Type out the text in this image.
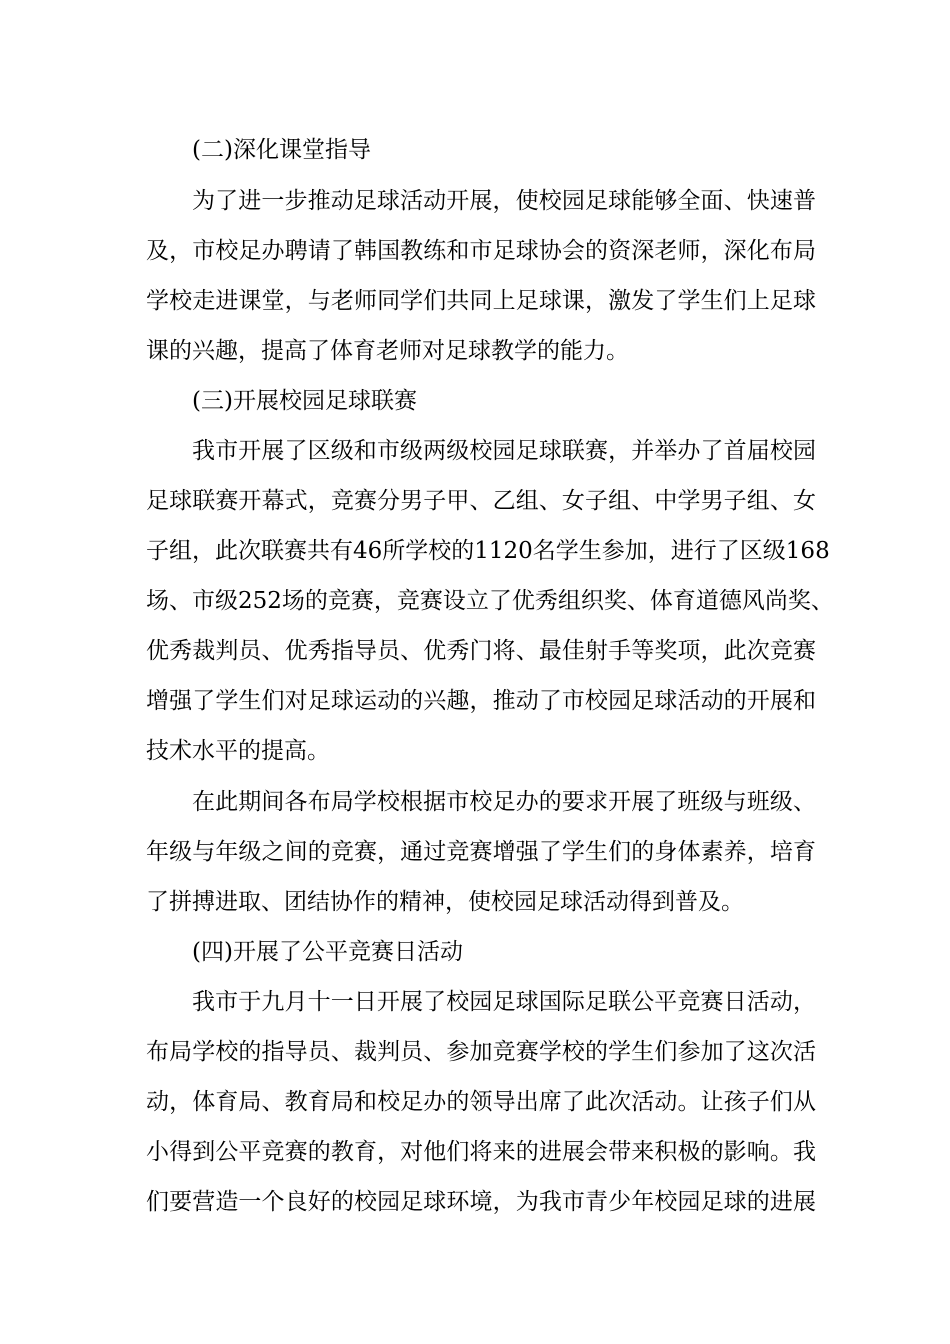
(二)深化课堂指导
为了进一步推动足球活动开展，使校园足球能够全面、快速普
及，市校足办聘请了韩国教练和市足球协会的资深老师，深化布局
学校走进课堂，与老师同学们共同上足球课，激发了学生们上足球
课的兴趣，提高了体育老师对足球教学的能力。
(三)开展校园足球联赛
我市开展了区级和市级两级校园足球联赛，并举办了首届校园
足球联赛开幕式，竞赛分男子甲、乙组、女子组、中学男子组、女
子组，此次联赛共有46所学校的1120名学生参加，进行了区级168
场、市级252场的竞赛，竞赛设立了优秀组织奖、体育道德风尚奖、
优秀裁判员、优秀指导员、优秀门将、最佳射手等奖项，此次竞赛
增强了学生们对足球运动的兴趣，推动了市校园足球活动的开展和
技术水平的提高。
在此期间各布局学校根据市校足办的要求开展了班级与班级、
年级与年级之间的竞赛，通过竞赛增强了学生们的身体素养，培育
了拼搏进取、团结协作的精神，使校园足球活动得到普及。
(四)开展了公平竞赛日活动
我市于九月十一日开展了校园足球国际足联公平竞赛日活动，
布局学校的指导员、裁判员、参加竞赛学校的学生们参加了这次活
动，体育局、教育局和校足办的领导出席了此次活动。让孩子们从
小得到公平竞赛的教育，对他们将来的进展会带来积极的影响。我
们要营造一个良好的校园足球环境，为我市青少年校园足球的进展
